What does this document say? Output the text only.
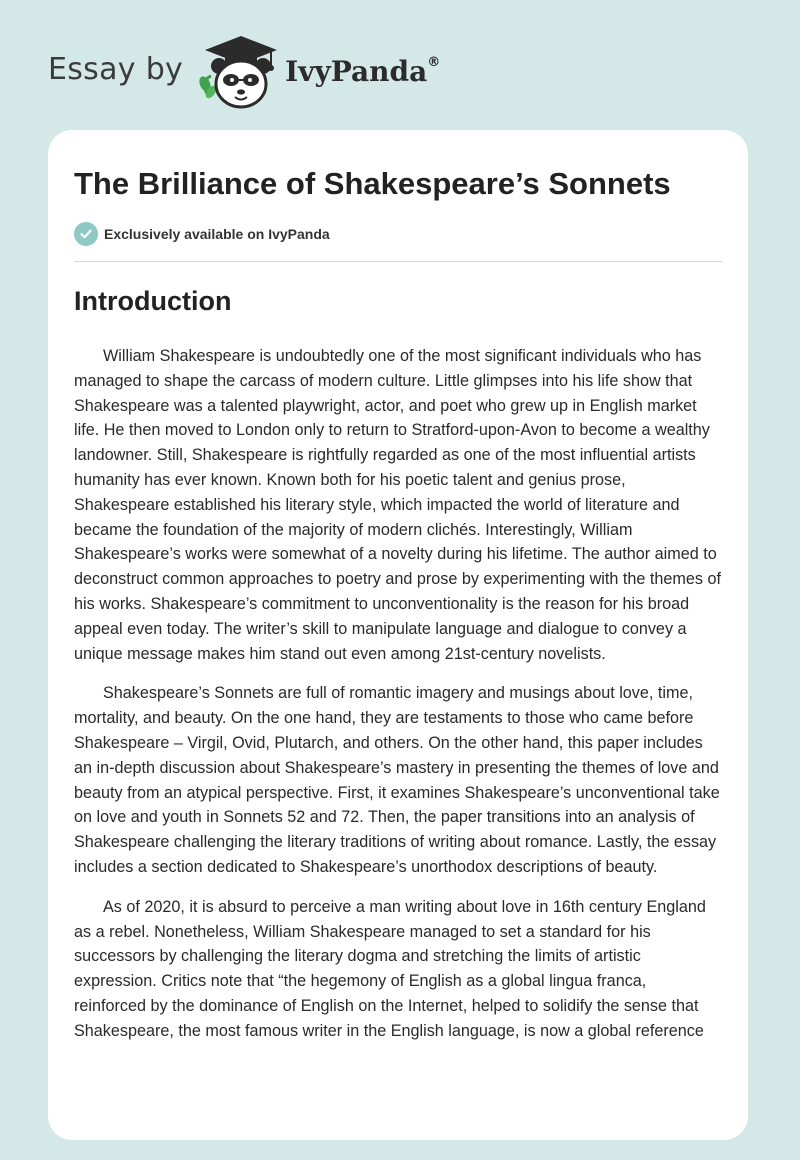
Essay by	IvyPanda®
The Brilliance of Shakespeare’s Sonnets
Exclusively available on IvyPanda
Introduction

William Shakespeare is undoubtedly one of the most significant individuals who has managed to shape the carcass of modern culture. Little glimpses into his life show that Shakespeare was a talented playwright, actor, and poet who grew up in English market life. He then moved to London only to return to Stratford-upon-Avon to become a wealthy landowner. Still, Shakespeare is rightfully regarded as one of the most influential artists humanity has ever known. Known both for his poetic talent and genius prose, Shakespeare established his literary style, which impacted the world of literature and became the foundation of the majority of modern clichés. Interestingly, William Shakespeare’s works were somewhat of a novelty during his lifetime. The author aimed to deconstruct common approaches to poetry and prose by experimenting with the themes of his works. Shakespeare’s commitment to unconventionality is the reason for his broad appeal even today. The writer’s skill to manipulate language and dialogue to convey a unique message makes him stand out even among 21st-century novelists.

Shakespeare’s Sonnets are full of romantic imagery and musings about love, time, mortality, and beauty. On the one hand, they are testaments to those who came before Shakespeare – Virgil, Ovid, Plutarch, and others. On the other hand, this paper includes an in-depth discussion about Shakespeare’s mastery in presenting the themes of love and beauty from an atypical perspective. First, it examines Shakespeare’s unconventional take on love and youth in Sonnets 52 and 72. Then, the paper transitions into an analysis of Shakespeare challenging the literary traditions of writing about romance. Lastly, the essay includes a section dedicated to Shakespeare’s unorthodox descriptions of beauty.

As of 2020, it is absurd to perceive a man writing about love in 16th century England as a rebel. Nonetheless, William Shakespeare managed to set a standard for his successors by challenging the literary dogma and stretching the limits of artistic expression. Critics note that “the hegemony of English as a global lingua franca, reinforced by the dominance of English on the Internet, helped to solidify the sense that Shakespeare, the most famous writer in the English language, is now a global reference
